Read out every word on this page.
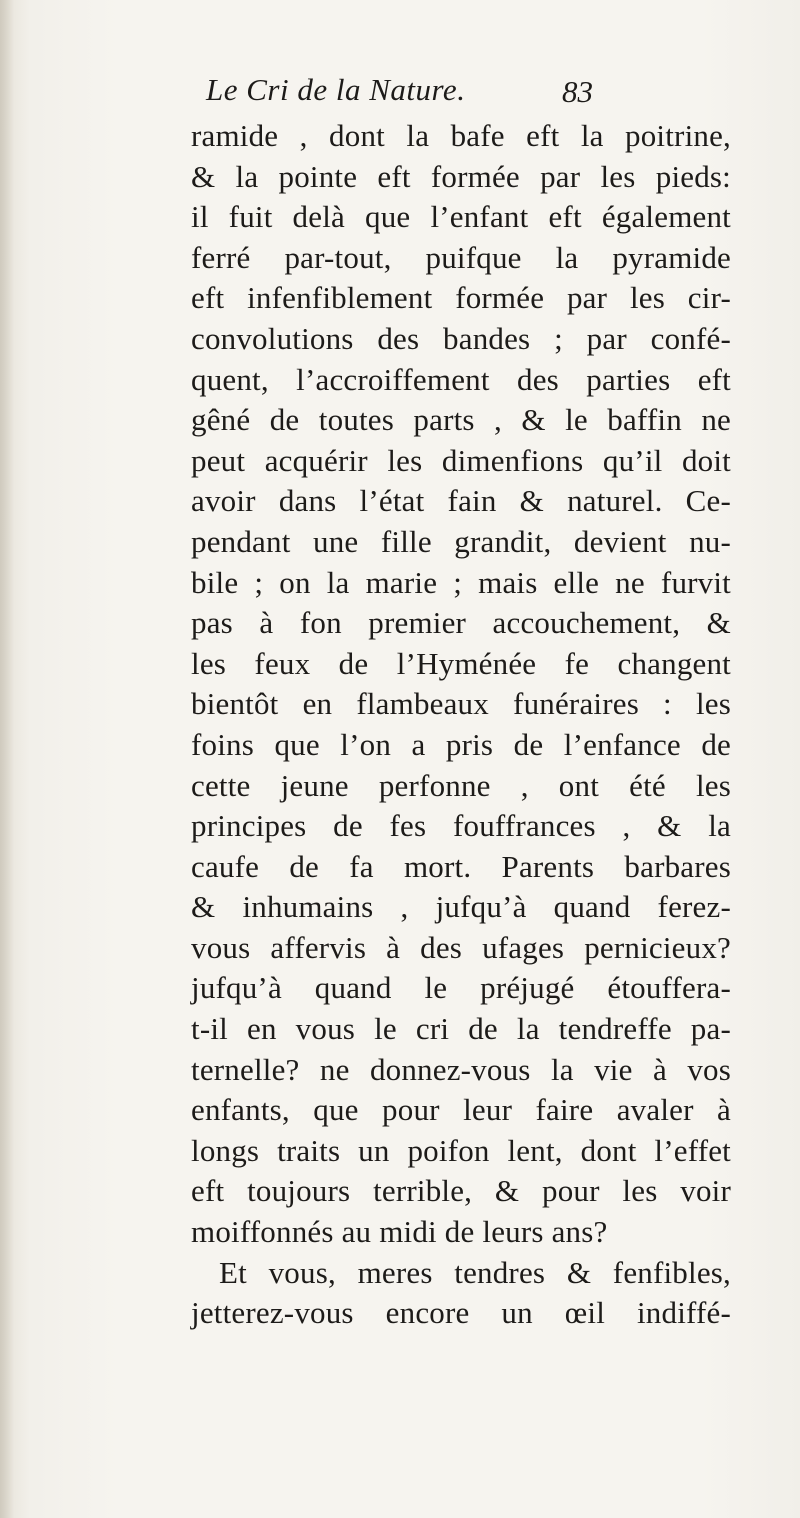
Le Cri de la Nature.	83
ramide , dont la bafe eft la poitrine,
& la pointe eft formée par les pieds:
il fuit delà que l’enfant eft également
ferré par-tout, puifque la pyramide
eft infenfiblement formée par les cir-
convolutions des bandes ; par confé-
quent, l’accroiffement des parties eft
gêné de toutes parts , & le baffin ne
peut acquérir les dimenfions qu’il doit
avoir dans l’état fain & naturel. Ce-
pendant une fille grandit, devient nu-
bile ; on la marie ; mais elle ne furvit
pas à fon premier accouchement, &
les feux de l’Hyménée fe changent
bientôt en flambeaux funéraires : les
foins que l’on a pris de l’enfance de
cette jeune perfonne , ont été les
principes de fes fouffrances , & la
caufe de fa mort. Parents barbares
& inhumains , jufqu’à quand ferez-
vous affervis à des ufages pernicieux?
jufqu’à quand le préjugé étouffera-
t-il en vous le cri de la tendreffe pa-
ternelle? ne donnez-vous la vie à vos
enfants, que pour leur faire avaler à
longs traits un poifon lent, dont l’effet
eft toujours terrible, & pour les voir
moiffonnés au midi de leurs ans?
Et vous, meres tendres & fenfibles,
jetterez-vous encore un œil indiffé-
